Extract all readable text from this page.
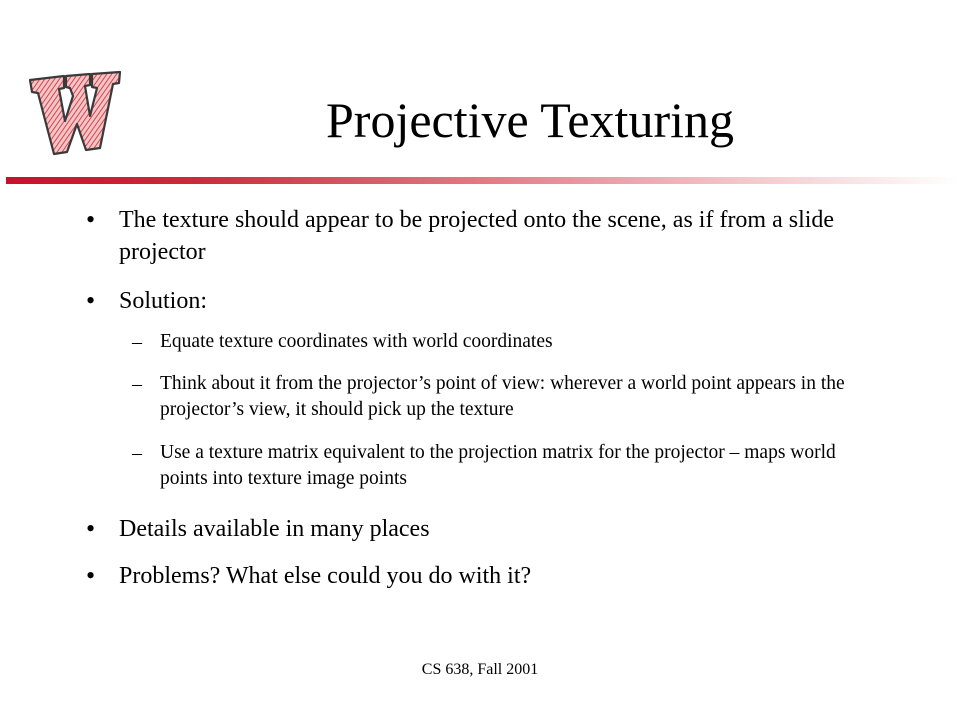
Projective Texturing
• The texture should appear to be projected onto the scene, as if from a slide projector
• Solution:
– Equate texture coordinates with world coordinates
– Think about it from the projector’s point of view: wherever a world point appears in the projector’s view, it should pick up the texture
– Use a texture matrix equivalent to the projection matrix for the projector – maps world points into texture image points
• Details available in many places
• Problems? What else could you do with it?
CS 638, Fall 2001
